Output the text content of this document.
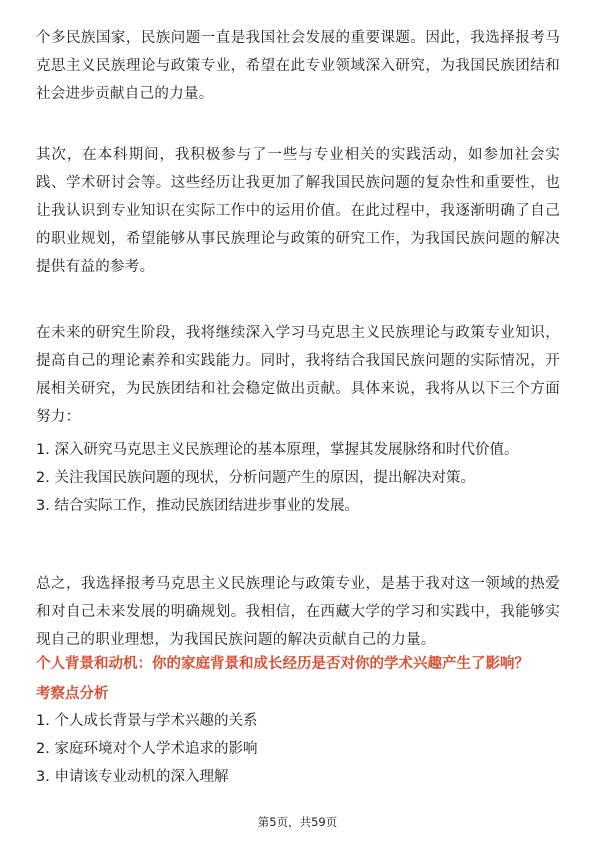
个多民族国家，民族问题一直是我国社会发展的重要课题。因此，我选择报考马克思主义民族理论与政策专业，希望在此专业领域深入研究，为我国民族团结和社会进步贡献自己的力量。

其次，在本科期间，我积极参与了一些与专业相关的实践活动，如参加社会实践、学术研讨会等。这些经历让我更加了解我国民族问题的复杂性和重要性，也让我认识到专业知识在实际工作中的运用价值。在此过程中，我逐渐明确了自己的职业规划，希望能够从事民族理论与政策的研究工作，为我国民族问题的解决提供有益的参考。

在未来的研究生阶段，我将继续深入学习马克思主义民族理论与政策专业知识，提高自己的理论素养和实践能力。同时，我将结合我国民族问题的实际情况，开展相关研究，为民族团结和社会稳定做出贡献。具体来说，我将从以下三个方面努力：

1. 深入研究马克思主义民族理论的基本原理，掌握其发展脉络和时代价值。
2. 关注我国民族问题的现状，分析问题产生的原因，提出解决对策。
3. 结合实际工作，推动民族团结进步事业的发展。

总之，我选择报考马克思主义民族理论与政策专业，是基于我对这一领域的热爱和对自己未来发展的明确规划。我相信，在西藏大学的学习和实践中，我能够实现自己的职业理想，为我国民族问题的解决贡献自己的力量。

个人背景和动机：你的家庭背景和成长经历是否对你的学术兴趣产生了影响？

考察点分析

1. 个人成长背景与学术兴趣的关系
2. 家庭环境对个人学术追求的影响
3. 申请该专业动机的深入理解
第5页，共59页
